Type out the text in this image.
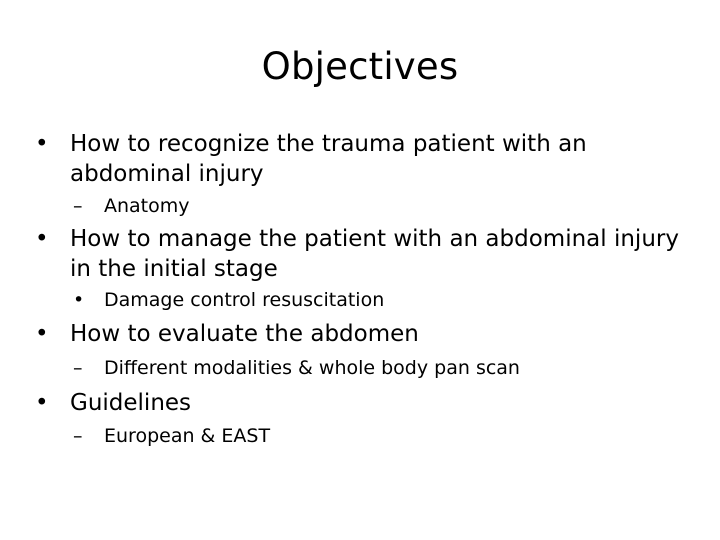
Objectives
• How to recognize the trauma patient with an abdominal injury
–	Anatomy
• How to manage the patient with an abdominal injury in the initial stage
•	Damage control resuscitation
• How to evaluate the abdomen
–	Different modalities & whole body pan scan
• Guidelines
–	European & EAST
